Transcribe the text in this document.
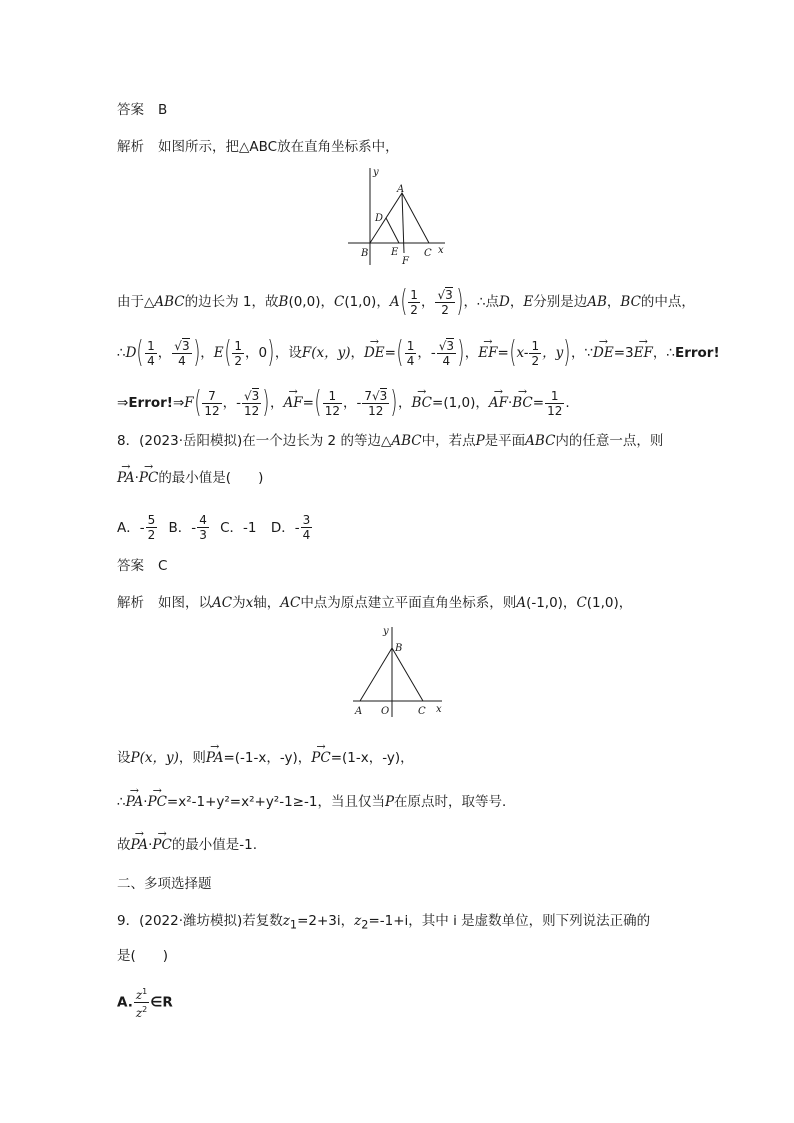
答案 B
解析 如图所示，把△ABC放在直角坐标系中，
y
x
A
B	C
D
E
F
由于△ABC的边长为 1，故B(0,0)，C(1,0)，$A( \frac{1}{2}$ ， $\frac{√3}{2}$ )，∴点D，E分别是边AB，BC的中点，
∴D( $\frac{1}{4}$ ， $\frac{√3}{4}$ )，$E( \frac{1}{2}$ ，0)，设F(x，y)，→ $DE=( \frac{1}{4}$ ，- $\frac{√3}{4}$ )，→ $EF=(x- \frac{1}{2}$ ，y)，∵→ DE=3→ EF，∴Error!
⇒Error!⇒F( $\frac{7}{12}$ ，- $\frac{√3}{12}$ )，→ $AF=( \frac{1}{12}$ ，- $\frac{7√3}{12}$ )，→ BC=(1,0)，→ $AF\cdot\to BC= \frac{1}{12}$ .
8．(2023·岳阳模拟)在一个边长为 2 的等边△ABC中，若点P是平面ABC内的任意一点，则
→ PA·→ PC的最小值是(　　)
A．- $\frac{5}{2}$ B．- $\frac{4}{3}$ C．-1 D．- $\frac{3}{4}$
答案 C
解析 如图，以AC为x轴，AC中点为原点建立平面直角坐标系，则A(-1,0)，C(1,0)，
y
x
B
A O	C
设P(x，y)，则→ PA=(-1-x，-y)，→ PC=(1-x，-y)，
∴→ PA·→ PC=x²-1+y²=x²+y²-1≥-1，当且仅当P在原点时，取等号．
故→ PA·→ PC的最小值是-1.
二、多项选择题
9．(2022·潍坊模拟)若复数$z_1=2+3i$，$z_2=-1+i$，其中 i 是虚数单位，则下列说法正确的
是(　　)
A. $\frac{z^1}{z^2}$ ∈R
